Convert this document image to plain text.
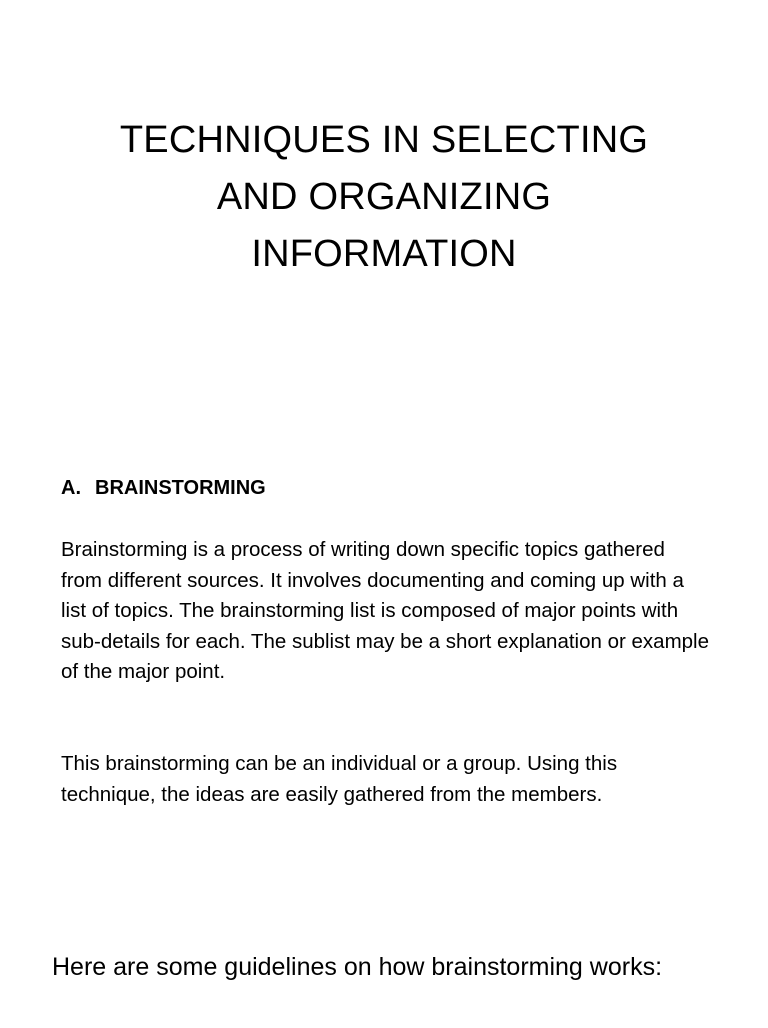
TECHNIQUES IN SELECTING
AND ORGANIZING
INFORMATION
A. BRAINSTORMING

Brainstorming is a process of writing down specific topics gathered from different sources. It involves documenting and coming up with a list of topics. The brainstorming list is composed of major points with sub-details for each. The sublist may be a short explanation or example of the major point.

This brainstorming can be an individual or a group. Using this technique, the ideas are easily gathered from the members.

Here are some guidelines on how brainstorming works:
